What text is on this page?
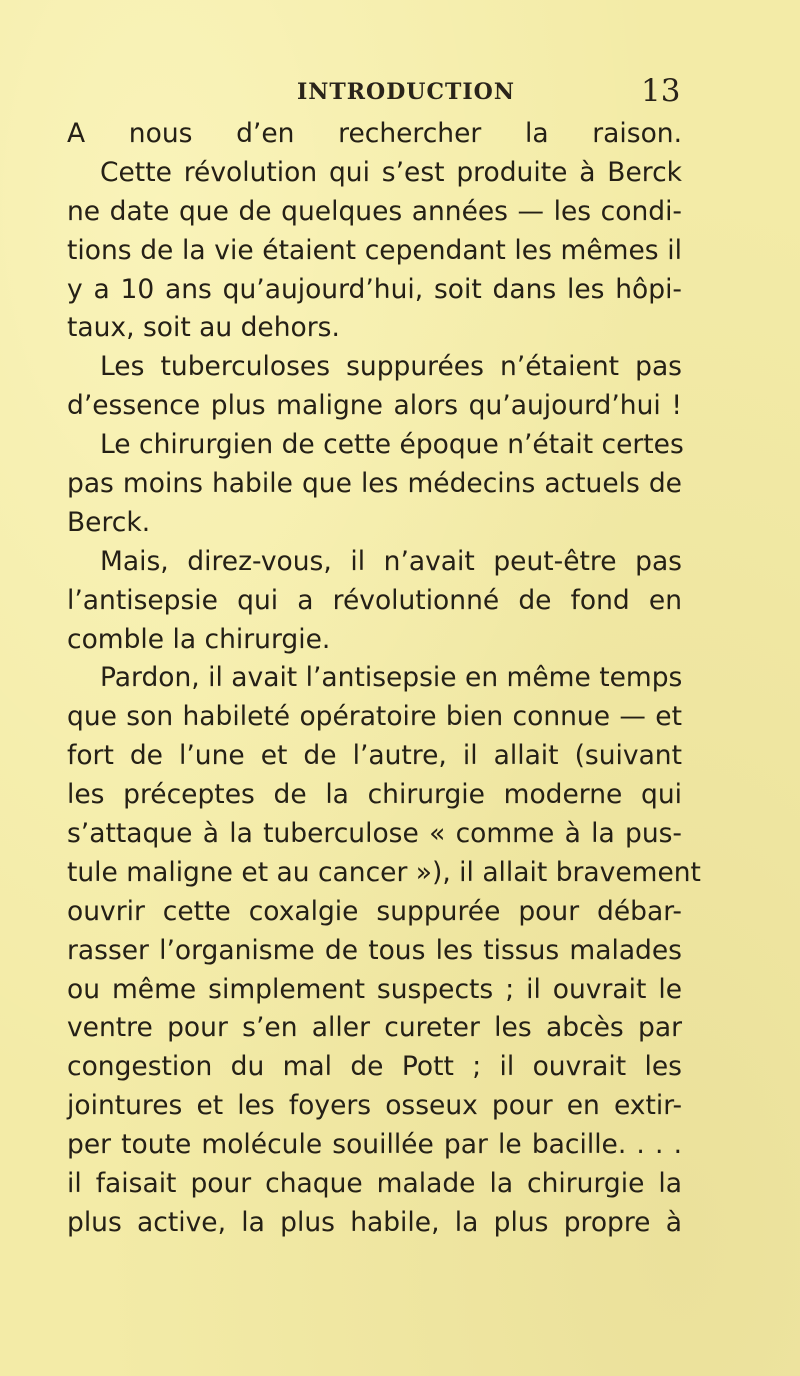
INTRODUCTION	13
A nous d’en rechercher la raison.
Cette révolution qui s’est produite à Berck
ne date que de quelques années — les condi-
tions de la vie étaient cependant les mêmes il
y a 10 ans qu’aujourd’hui, soit dans les hôpi-
taux, soit au dehors.
Les tuberculoses suppurées n’étaient pas
d’essence plus maligne alors qu’aujourd’hui !
Le chirurgien de cette époque n’était certes
pas moins habile que les médecins actuels de
Berck.
Mais, direz-vous, il n’avait peut-être pas
l’antisepsie qui a révolutionné de fond en
comble la chirurgie.
Pardon, il avait l’antisepsie en même temps
que son habileté opératoire bien connue — et
fort de l’une et de l’autre, il allait (suivant
les préceptes de la chirurgie moderne qui
s’attaque à la tuberculose « comme à la pus-
tule maligne et au cancer »), il allait bravement
ouvrir cette coxalgie suppurée pour débar-
rasser l’organisme de tous les tissus malades
ou même simplement suspects ; il ouvrait le
ventre pour s’en aller cureter les abcès par
congestion du mal de Pott ; il ouvrait les
jointures et les foyers osseux pour en extir-
per toute molécule souillée par le bacille. . . .
il faisait pour chaque malade la chirurgie la
plus active, la plus habile, la plus propre à
